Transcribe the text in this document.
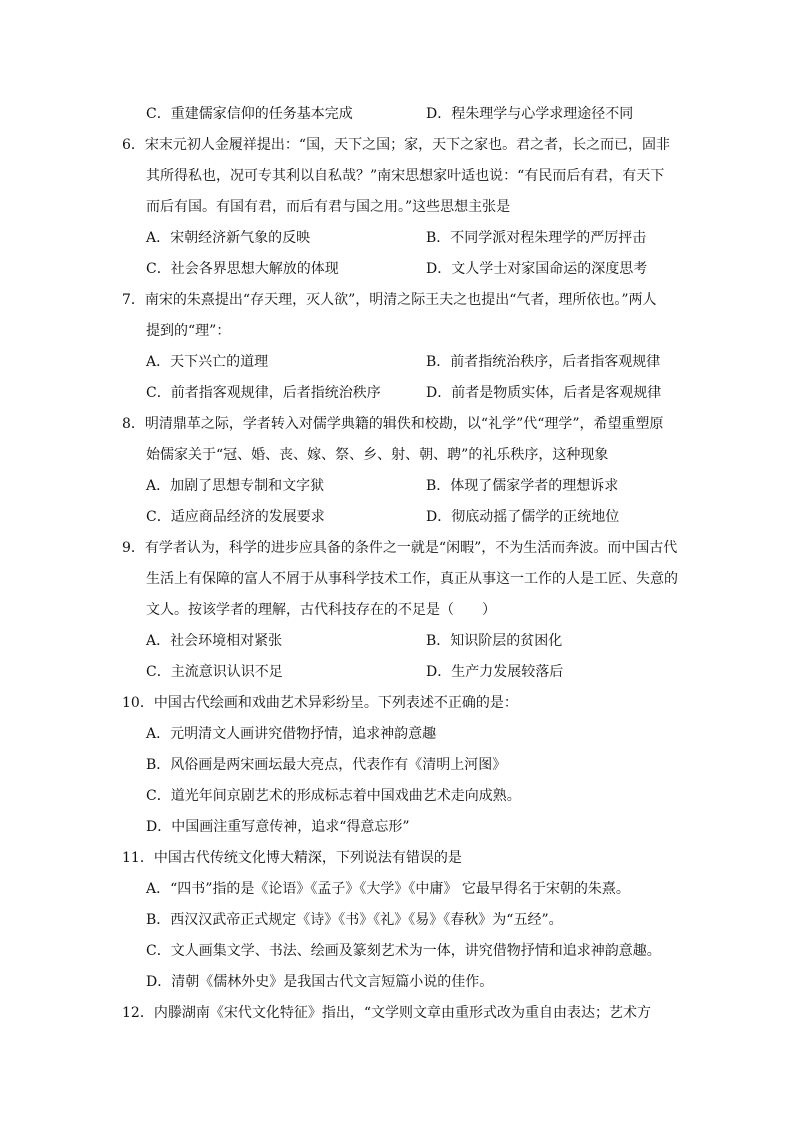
C．重建儒家信仰的任务基本完成	D．程朱理学与心学求理途径不同
6．宋末元初人金履祥提出：“国，天下之国；家，天下之家也。君之者，长之而已，固非
其所得私也，况可专其利以自私哉？”南宋思想家叶适也说：“有民而后有君，有天下
而后有国。有国有君，而后有君与国之用。”这些思想主张是
A．宋朝经济新气象的反映	B．不同学派对程朱理学的严厉抨击
C．社会各界思想大解放的体现	D．文人学士对家国命运的深度思考
7．南宋的朱熹提出“存天理，灭人欲”，明清之际王夫之也提出“气者，理所依也。”两人
提到的“理”：
A．天下兴亡的道理	B．前者指统治秩序，后者指客观规律
C．前者指客观规律，后者指统治秩序	D．前者是物质实体，后者是客观规律
8．明清鼎革之际，学者转入对儒学典籍的辑佚和校勘，以“礼学”代“理学”，希望重塑原
始儒家关于“冠、婚、丧、嫁、祭、乡、射、朝、聘”的礼乐秩序，这种现象
A．加剧了思想专制和文字狱	B．体现了儒家学者的理想诉求
C．适应商品经济的发展要求	D．彻底动摇了儒学的正统地位
9．有学者认为，科学的进步应具备的条件之一就是“闲暇”，不为生活而奔波。而中国古代
生活上有保障的富人不屑于从事科学技术工作，真正从事这一工作的人是工匠、失意的
文人。按该学者的理解，古代科技存在的不足是（　　）
A．社会环境相对紧张	B．知识阶层的贫困化
C．主流意识认识不足	D．生产力发展较落后
10．中国古代绘画和戏曲艺术异彩纷呈。下列表述不正确的是：
A．元明清文人画讲究借物抒情，追求神韵意趣
B．风俗画是两宋画坛最大亮点，代表作有《清明上河图》
C．道光年间京剧艺术的形成标志着中国戏曲艺术走向成熟。
D．中国画注重写意传神，追求“得意忘形”
11．中国古代传统文化博大精深，下列说法有错误的是
A．“四书”指的是《论语》《孟子》《大学》《中庸》 它最早得名于宋朝的朱熹。
B．西汉汉武帝正式规定《诗》《书》《礼》《易》《春秋》为“五经”。
C．文人画集文学、书法、绘画及篆刻艺术为一体，讲究借物抒情和追求神韵意趣。
D．清朝《儒林外史》是我国古代文言短篇小说的佳作。
12．内滕湖南《宋代文化特征》指出，“文学则文章由重形式改为重自由表达；艺术方
